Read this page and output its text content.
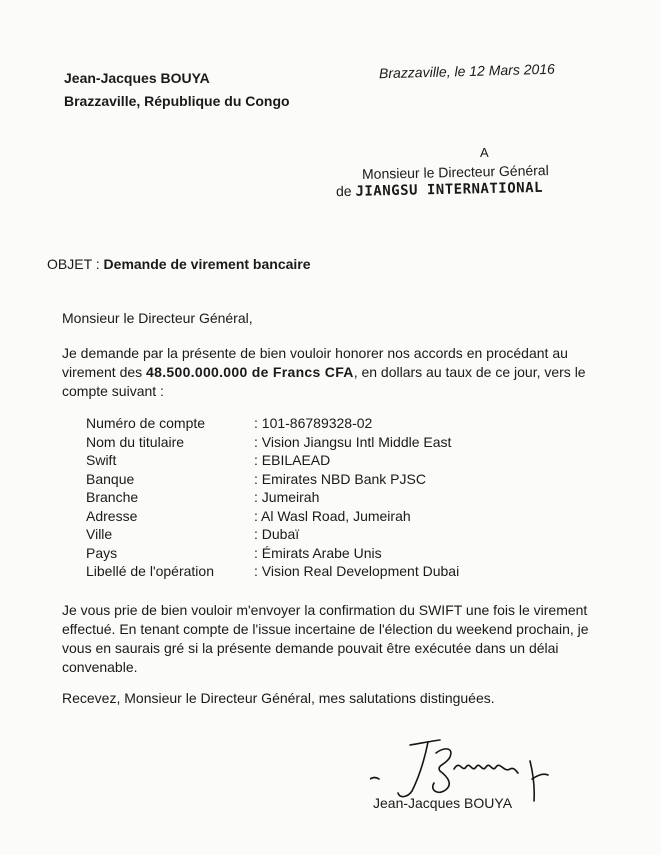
Jean-Jacques BOUYA
Brazzaville, République du Congo
Brazzaville, le 12 Mars 2016
A
Monsieur le Directeur Général
de JIANGSU INTERNATIONAL
OBJET : Demande de virement bancaire
Monsieur le Directeur Général,
Je demande par la présente de bien vouloir honorer nos accords en procédant au virement des 48.500.000.000 de Francs CFA, en dollars au taux de ce jour, vers le compte suivant :
Numéro de compte	: 101-86789328-02
Nom du titulaire	: Vision Jiangsu Intl Middle East
Swift	: EBILAEAD
Banque	: Emirates NBD Bank PJSC
Branche	: Jumeirah
Adresse	: Al Wasl Road, Jumeirah
Ville	: Dubaï
Pays	: Émirats Arabe Unis
Libellé de l'opération	: Vision Real Development Dubai
Je vous prie de bien vouloir m'envoyer la confirmation du SWIFT une fois le virement effectué. En tenant compte de l'issue incertaine de l'élection du weekend prochain, je vous en saurais gré si la présente demande pouvait être exécutée dans un délai convenable.
Recevez, Monsieur le Directeur Général, mes salutations distinguées.
Jean-Jacques BOUYA
